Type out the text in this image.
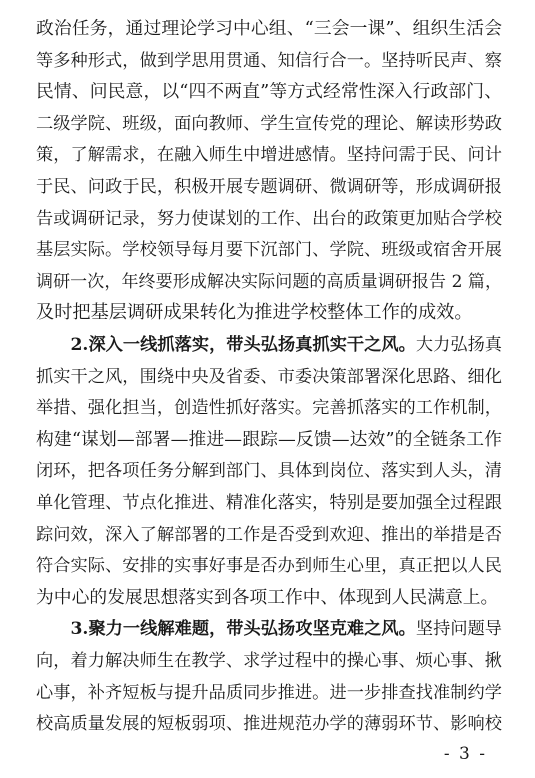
政治任务，通过理论学习中心组、“三会一课”、组织生活会
等多种形式，做到学思用贯通、知信行合一。坚持听民声、察
民情、问民意，以“四不两直”等方式经常性深入行政部门、
二级学院、班级，面向教师、学生宣传党的理论、解读形势政
策，了解需求，在融入师生中增进感情。坚持问需于民、问计
于民、问政于民，积极开展专题调研、微调研等，形成调研报
告或调研记录，努力使谋划的工作、出台的政策更加贴合学校
基层实际。学校领导每月要下沉部门、学院、班级或宿舍开展
调研一次，年终要形成解决实际问题的高质量调研报告 2 篇，
及时把基层调研成果转化为推进学校整体工作的成效。
　　2.深入一线抓落实，带头弘扬真抓实干之风。大力弘扬真
抓实干之风，围绕中央及省委、市委决策部署深化思路、细化
举措、强化担当，创造性抓好落实。完善抓落实的工作机制，
构建“谋划—部署—推进—跟踪—反馈—达效”的全链条工作
闭环，把各项任务分解到部门、具体到岗位、落实到人头，清
单化管理、节点化推进、精准化落实，特别是要加强全过程跟
踪问效，深入了解部署的工作是否受到欢迎、推出的举措是否
符合实际、安排的实事好事是否办到师生心里，真正把以人民
为中心的发展思想落实到各项工作中、体现到人民满意上。
　　3.聚力一线解难题，带头弘扬攻坚克难之风。坚持问题导
向，着力解决师生在教学、求学过程中的操心事、烦心事、揪
心事，补齐短板与提升品质同步推进。进一步排查找准制约学
校高质量发展的短板弱项、推进规范办学的薄弱环节、影响校
- 3 -
